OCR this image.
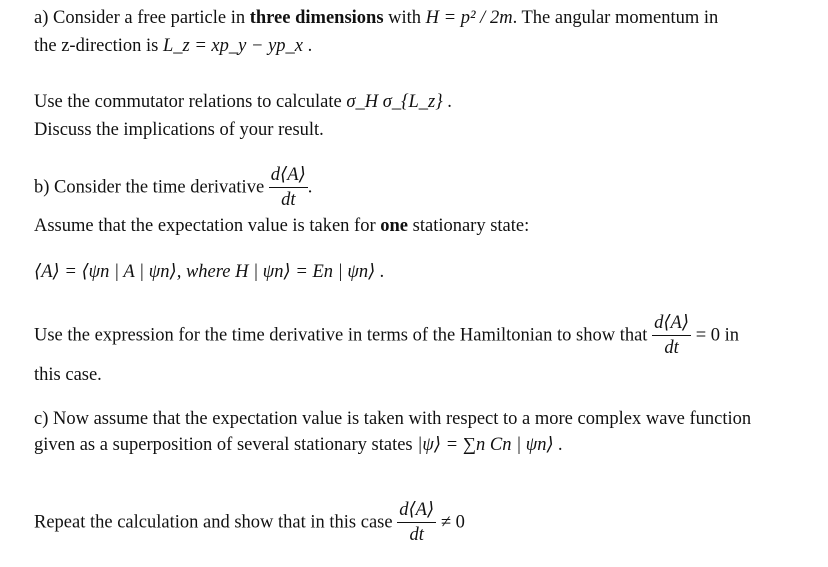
a) Consider a free particle in three dimensions with H = p² / 2m. The angular momentum in
the z-direction is L_z = xp_y − yp_x .
Use the commutator relations to calculate σ_H σ_{L_z} .
Discuss the implications of your result.
b) Consider the time derivative $\frac{d⟨A⟩}{dt}$ .
Assume that the expectation value is taken for one stationary state:
⟨A⟩ = ⟨ψn | A | ψn⟩, where H | ψn⟩ = En | ψn⟩ .
Use the expression for the time derivative in terms of the Hamiltonian to show that $\frac{d⟨A⟩}{dt} = 0$ in
this case.
c) Now assume that the expectation value is taken with respect to a more complex wave function
given as a superposition of several stationary states |ψ⟩ = ∑n Cn | ψn⟩ .
Repeat the calculation and show that in this case $\frac{d⟨A⟩}{dt} \ne 0$
